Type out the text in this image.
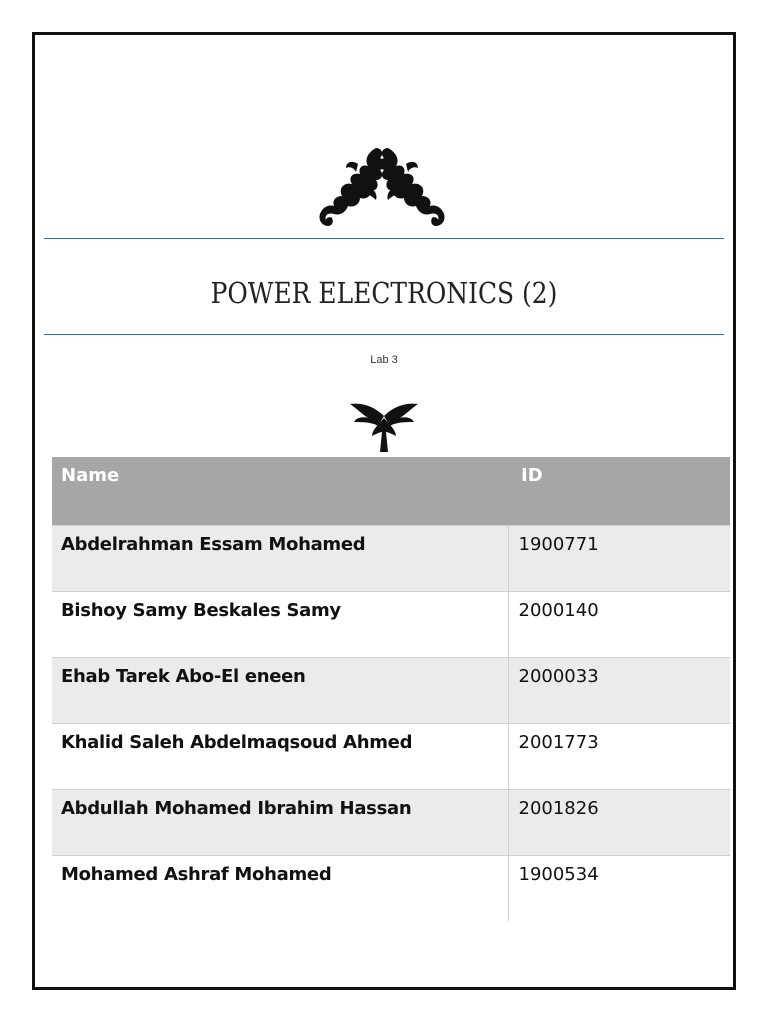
POWER ELECTRONICS (2)
Lab 3
Name	ID
Abdelrahman Essam Mohamed	1900771
Bishoy Samy Beskales Samy	2000140
Ehab Tarek Abo-El eneen	2000033
Khalid Saleh Abdelmaqsoud Ahmed	2001773
Abdullah Mohamed Ibrahim Hassan	2001826
Mohamed Ashraf Mohamed	1900534
